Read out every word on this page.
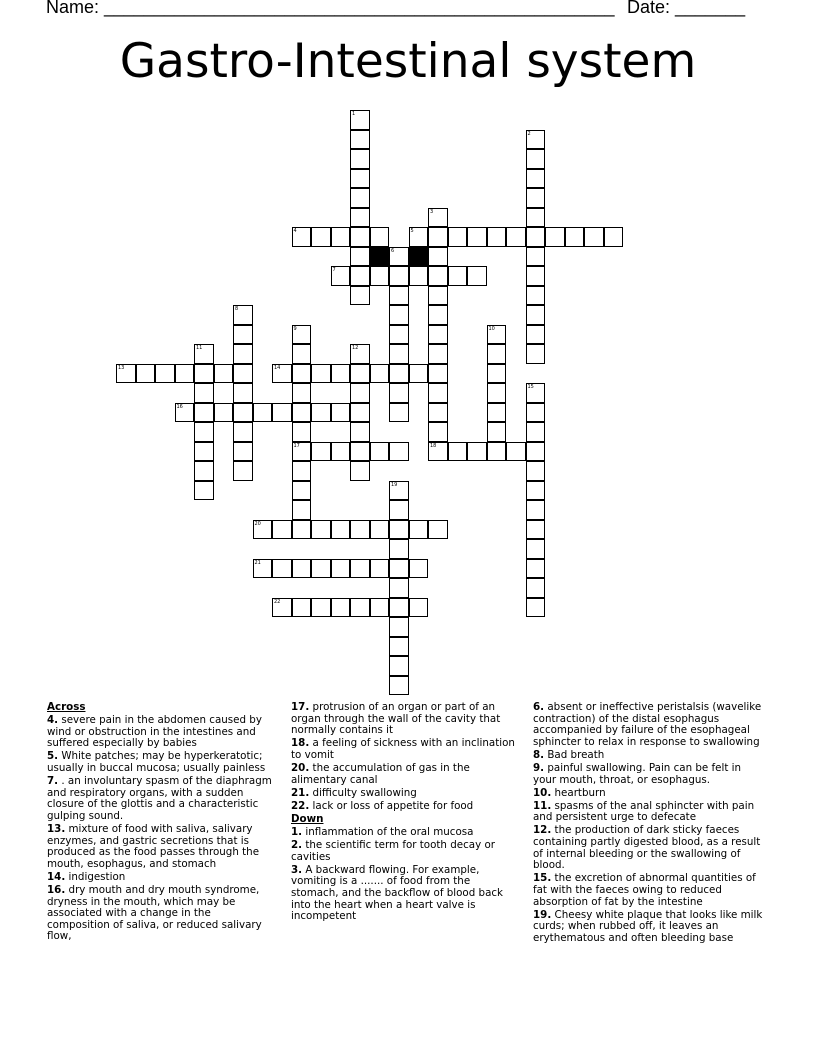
Name: ___________________________________________________ Date: _______
Gastro-Intestinal system
1
2
3
4	5
6
7
8
9	10
11	12
13	14
15
16
17	18
19
20
21
22

Across

4. severe pain in the abdomen caused by wind or obstruction in the intestines and suffered especially by babies

5. White patches; may be hyperkeratotic; usually in buccal mucosa; usually painless

7. . an involuntary spasm of the diaphragm and respiratory organs, with a sudden closure of the glottis and a characteristic gulping sound.

13. mixture of food with saliva, salivary enzymes, and gastric secretions that is produced as the food passes through the mouth, esophagus, and stomach

14. indigestion

16. dry mouth and dry mouth syndrome, dryness in the mouth, which may be associated with a change in the composition of saliva, or reduced salivary flow,

17. protrusion of an organ or part of an organ through the wall of the cavity that normally contains it

18. a feeling of sickness with an inclination to vomit

20. the accumulation of gas in the alimentary canal

21. difficulty swallowing

22. lack or loss of appetite for food

Down

1. inflammation of the oral mucosa

2. the scientific term for tooth decay or cavities

3. A backward flowing. For example, vomiting is a ....... of food from the stomach, and the backflow of blood back into the heart when a heart valve is incompetent

6. absent or ineffective peristalsis (wavelike contraction) of the distal esophagus accompanied by failure of the esophageal sphincter to relax in response to swallowing

8. Bad breath

9. painful swallowing. Pain can be felt in your mouth, throat, or esophagus.

10. heartburn

11. spasms of the anal sphincter with pain and persistent urge to defecate

12. the production of dark sticky faeces containing partly digested blood, as a result of internal bleeding or the swallowing of blood.

15. the excretion of abnormal quantities of fat with the faeces owing to reduced absorption of fat by the intestine

19. Cheesy white plaque that looks like milk curds; when rubbed off, it leaves an erythematous and often bleeding base
